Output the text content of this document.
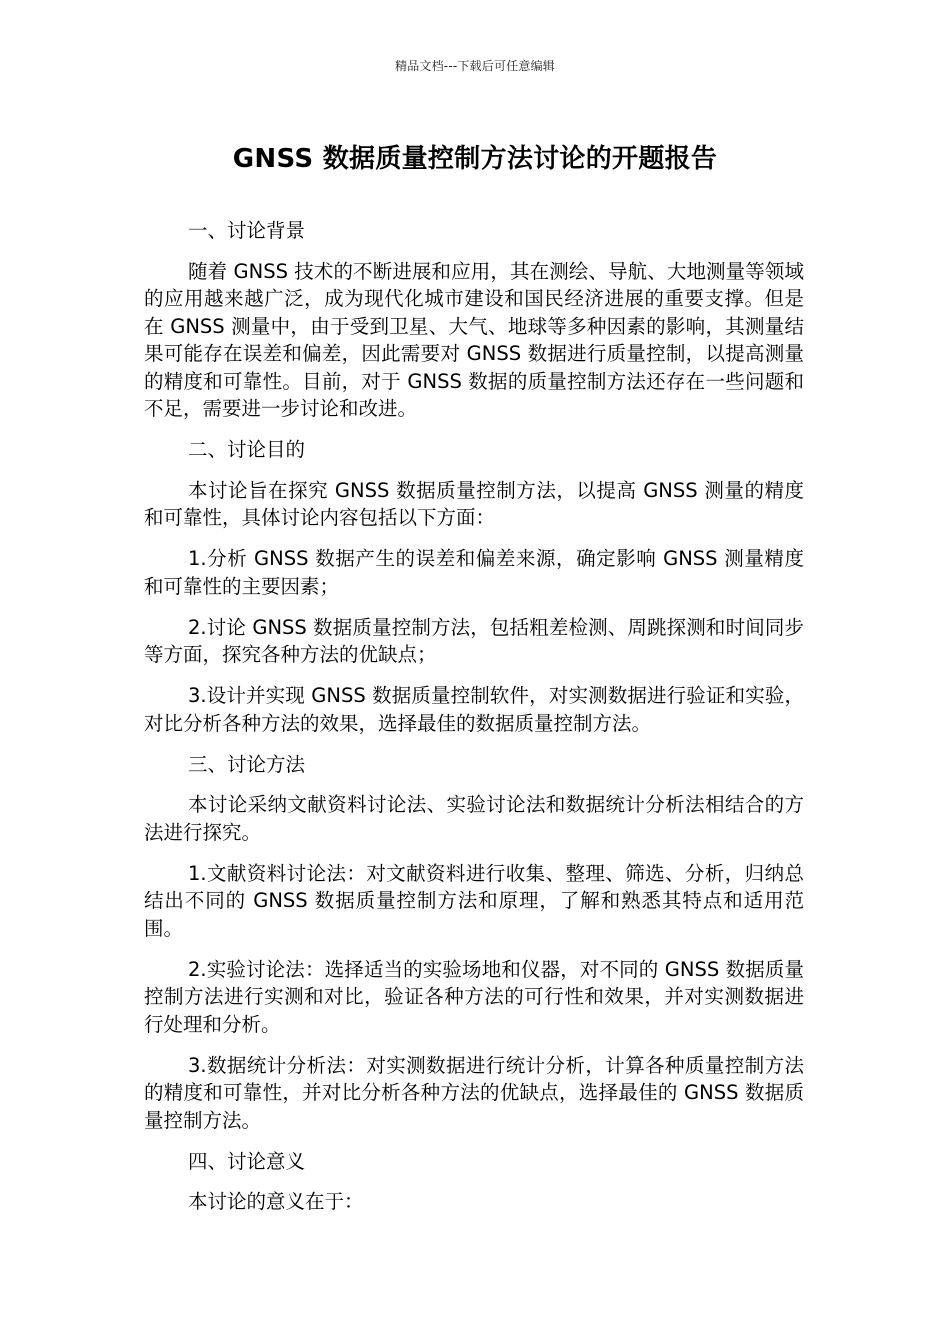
精品文档---下载后可任意编辑
GNSS 数据质量控制方法讨论的开题报告

一、讨论背景

随着 GNSS 技术的不断进展和应用，其在测绘、导航、大地测量等领域的应用越来越广泛，成为现代化城市建设和国民经济进展的重要支撑。但是在 GNSS 测量中，由于受到卫星、大气、地球等多种因素的影响，其测量结果可能存在误差和偏差，因此需要对 GNSS 数据进行质量控制，以提高测量的精度和可靠性。目前，对于 GNSS 数据的质量控制方法还存在一些问题和不足，需要进一步讨论和改进。

二、讨论目的

本讨论旨在探究 GNSS 数据质量控制方法，以提高 GNSS 测量的精度和可靠性，具体讨论内容包括以下方面：

1.分析 GNSS 数据产生的误差和偏差来源，确定影响 GNSS 测量精度和可靠性的主要因素；

2.讨论 GNSS 数据质量控制方法，包括粗差检测、周跳探测和时间同步等方面，探究各种方法的优缺点；

3.设计并实现 GNSS 数据质量控制软件，对实测数据进行验证和实验，对比分析各种方法的效果，选择最佳的数据质量控制方法。

三、讨论方法

本讨论采纳文献资料讨论法、实验讨论法和数据统计分析法相结合的方法进行探究。

1.文献资料讨论法：对文献资料进行收集、整理、筛选、分析，归纳总结出不同的 GNSS 数据质量控制方法和原理，了解和熟悉其特点和适用范围。

2.实验讨论法：选择适当的实验场地和仪器，对不同的 GNSS 数据质量控制方法进行实测和对比，验证各种方法的可行性和效果，并对实测数据进行处理和分析。

3.数据统计分析法：对实测数据进行统计分析，计算各种质量控制方法的精度和可靠性，并对比分析各种方法的优缺点，选择最佳的 GNSS 数据质量控制方法。

四、讨论意义

本讨论的意义在于：
